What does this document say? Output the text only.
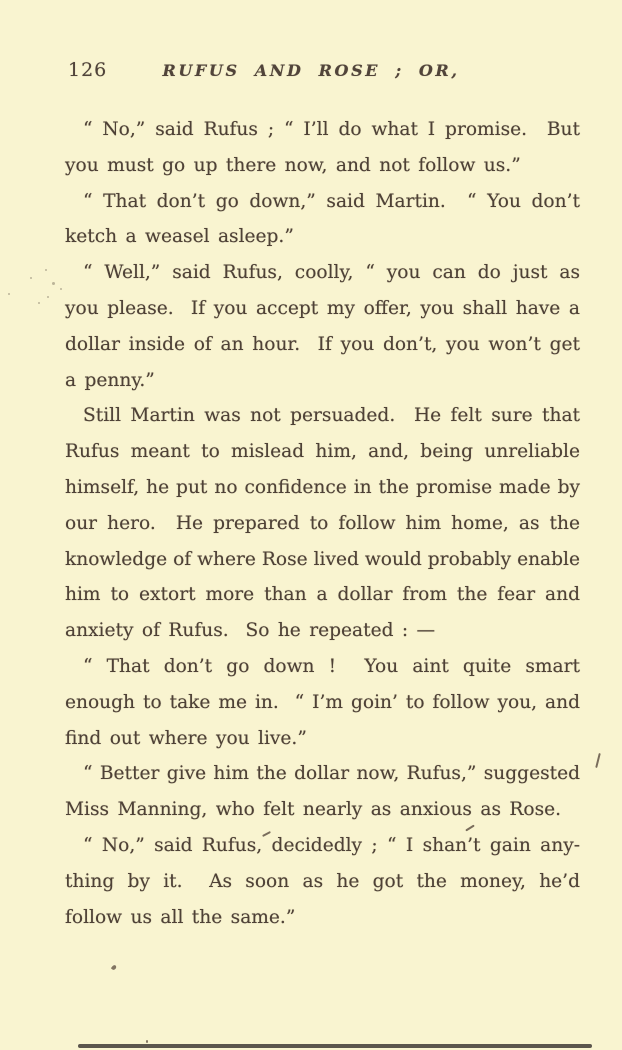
126	RUFUS AND ROSE ; OR,
“ No,” said Rufus ; “ I’ll do what I promise.  But
you must go up there now, and not follow us.”
“ That don’t go down,” said Martin.  “ You don’t
ketch a weasel asleep.”
“ Well,” said Rufus, coolly, “ you can do just as
you please.  If you accept my offer, you shall have a
dollar inside of an hour.  If you don’t, you won’t get
a penny.”
Still Martin was not persuaded.  He felt sure that
Rufus meant to mislead him, and, being unreliable
himself, he put no confidence in the promise made by
our hero.  He prepared to follow him home, as the
knowledge of where Rose lived would probably enable
him to extort more than a dollar from the fear and
anxiety of Rufus.  So he repeated : —
“ That don’t go down !  You aint quite smart
enough to take me in.  “ I’m goin’ to follow you, and
find out where you live.”
“ Better give him the dollar now, Rufus,” suggested
Miss Manning, who felt nearly as anxious as Rose.
“ No,” said Rufus, decidedly ; “ I shan’t gain any-
thing by it.  As soon as he got the money, he’d
follow us all the same.”
